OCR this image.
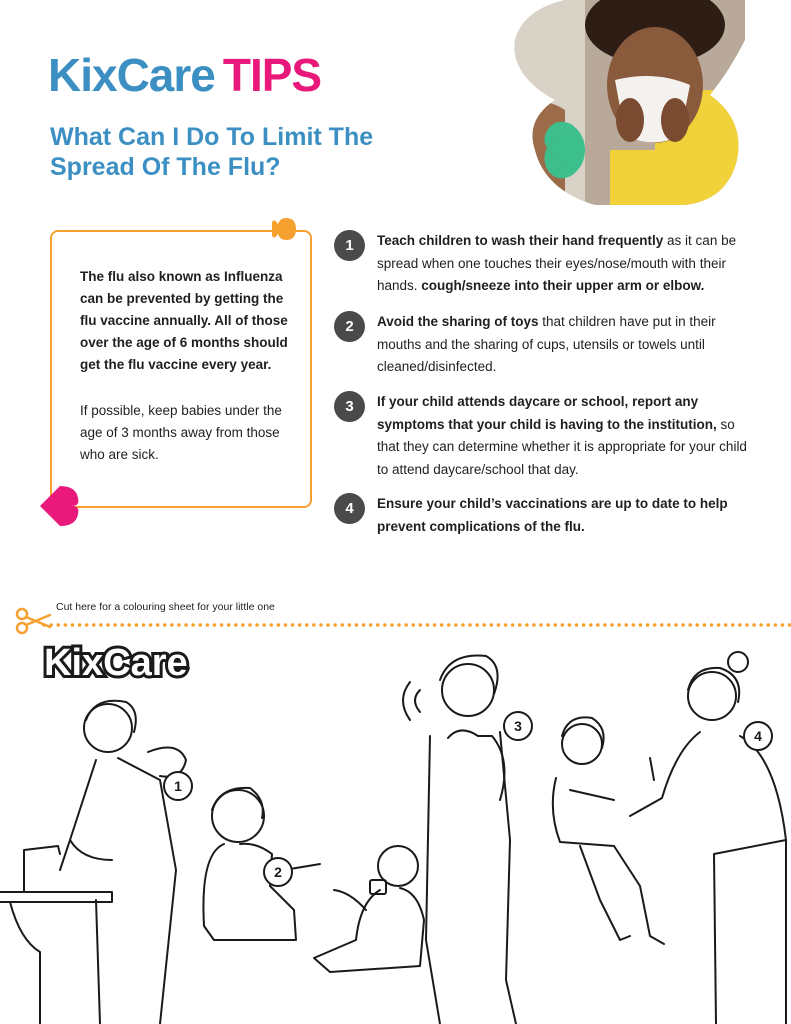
KixCare TIPS
What Can I Do To Limit The Spread Of The Flu?

The flu also known as Influenza can be prevented by getting the flu vaccine annually. All of those over the age of 6 months should get the flu vaccine every year.

If possible, keep babies under the age of 3 months away from those who are sick.

1	Teach children to wash their hand frequently as it can be spread when one touches their eyes/nose/mouth with their hands. cough/sneeze into their upper arm or elbow.
2	Avoid the sharing of toys that children have put in their mouths and the sharing of cups, utensils or towels until cleaned/disinfected.
3	If your child attends daycare or school, report any symptoms that your child is having to the institution, so that they can determine whether it is appropriate for your child to attend daycare/school that day.
4	Ensure your child’s vaccinations are up to date to help prevent complications of the flu.
Cut here for a colouring sheet for your little one
KixCare
1
2
3
4
